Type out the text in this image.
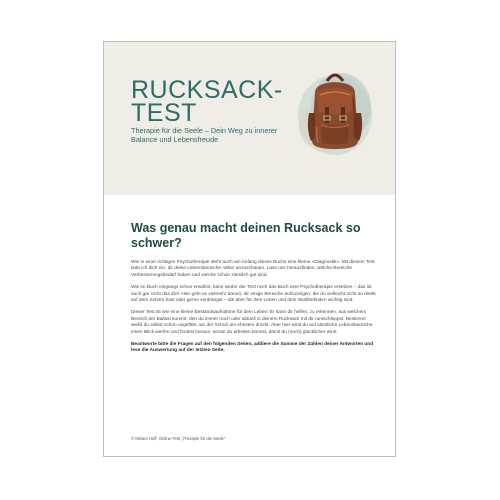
RUCKSACK-TEST

Therapie für die Seele – Dein Weg zu innerer Balance und Lebensfreude

Was genau macht deinen Rucksack so schwer?

Wie in einer richtigen Psychotherapie steht auch am Anfang dieses Buchs eine kleine »Diagnostik«. Mit diesem Test lade ich dich ein, dir deine Lebensbereiche näher anzuschauen. Lass uns herausfinden, welche Bereiche Verbesserungsbedarf haben und welche schon ziemlich gut sind.

Wie im Buch eingangs schon erwähnt, kann weder der Test noch das Buch eine Psychotherapie ersetzen – das ist auch gar nicht das Ziel. Hier geht es vielmehr darum, dir einige Bereiche aufzuzeigen, die du vielleicht nicht so direkt auf dem Schirm hast oder gerne verdrängst – die aber für dein Leben und dein Wohlbefinden wichtig sind.

Dieser Test ist wie eine kleine Bestandsaufnahme für dein Leben: Er kann dir helfen, zu erkennen, aus welchem Bereich der Ballast kommt, den du immer noch oder aktuell in deinem Rucksack mit dir rumschleppst. Bestimmt weißt du selbst schon ungefähr, wo der Schuh am ehesten drückt. Aber hier wirst du auf sämtliche Lebensbereiche einen Blick werfen und findest heraus, woran du arbeiten kannst, damit du (noch) glücklicher wirst.

Beantworte bitte die Fragen auf den folgenden Seiten, addiere die Summe der Zahlen deiner Antworten und lese die Auswertung auf der letzten Seite.

© Miriam Hoff, Online-Test „Therapie für die Seele"
